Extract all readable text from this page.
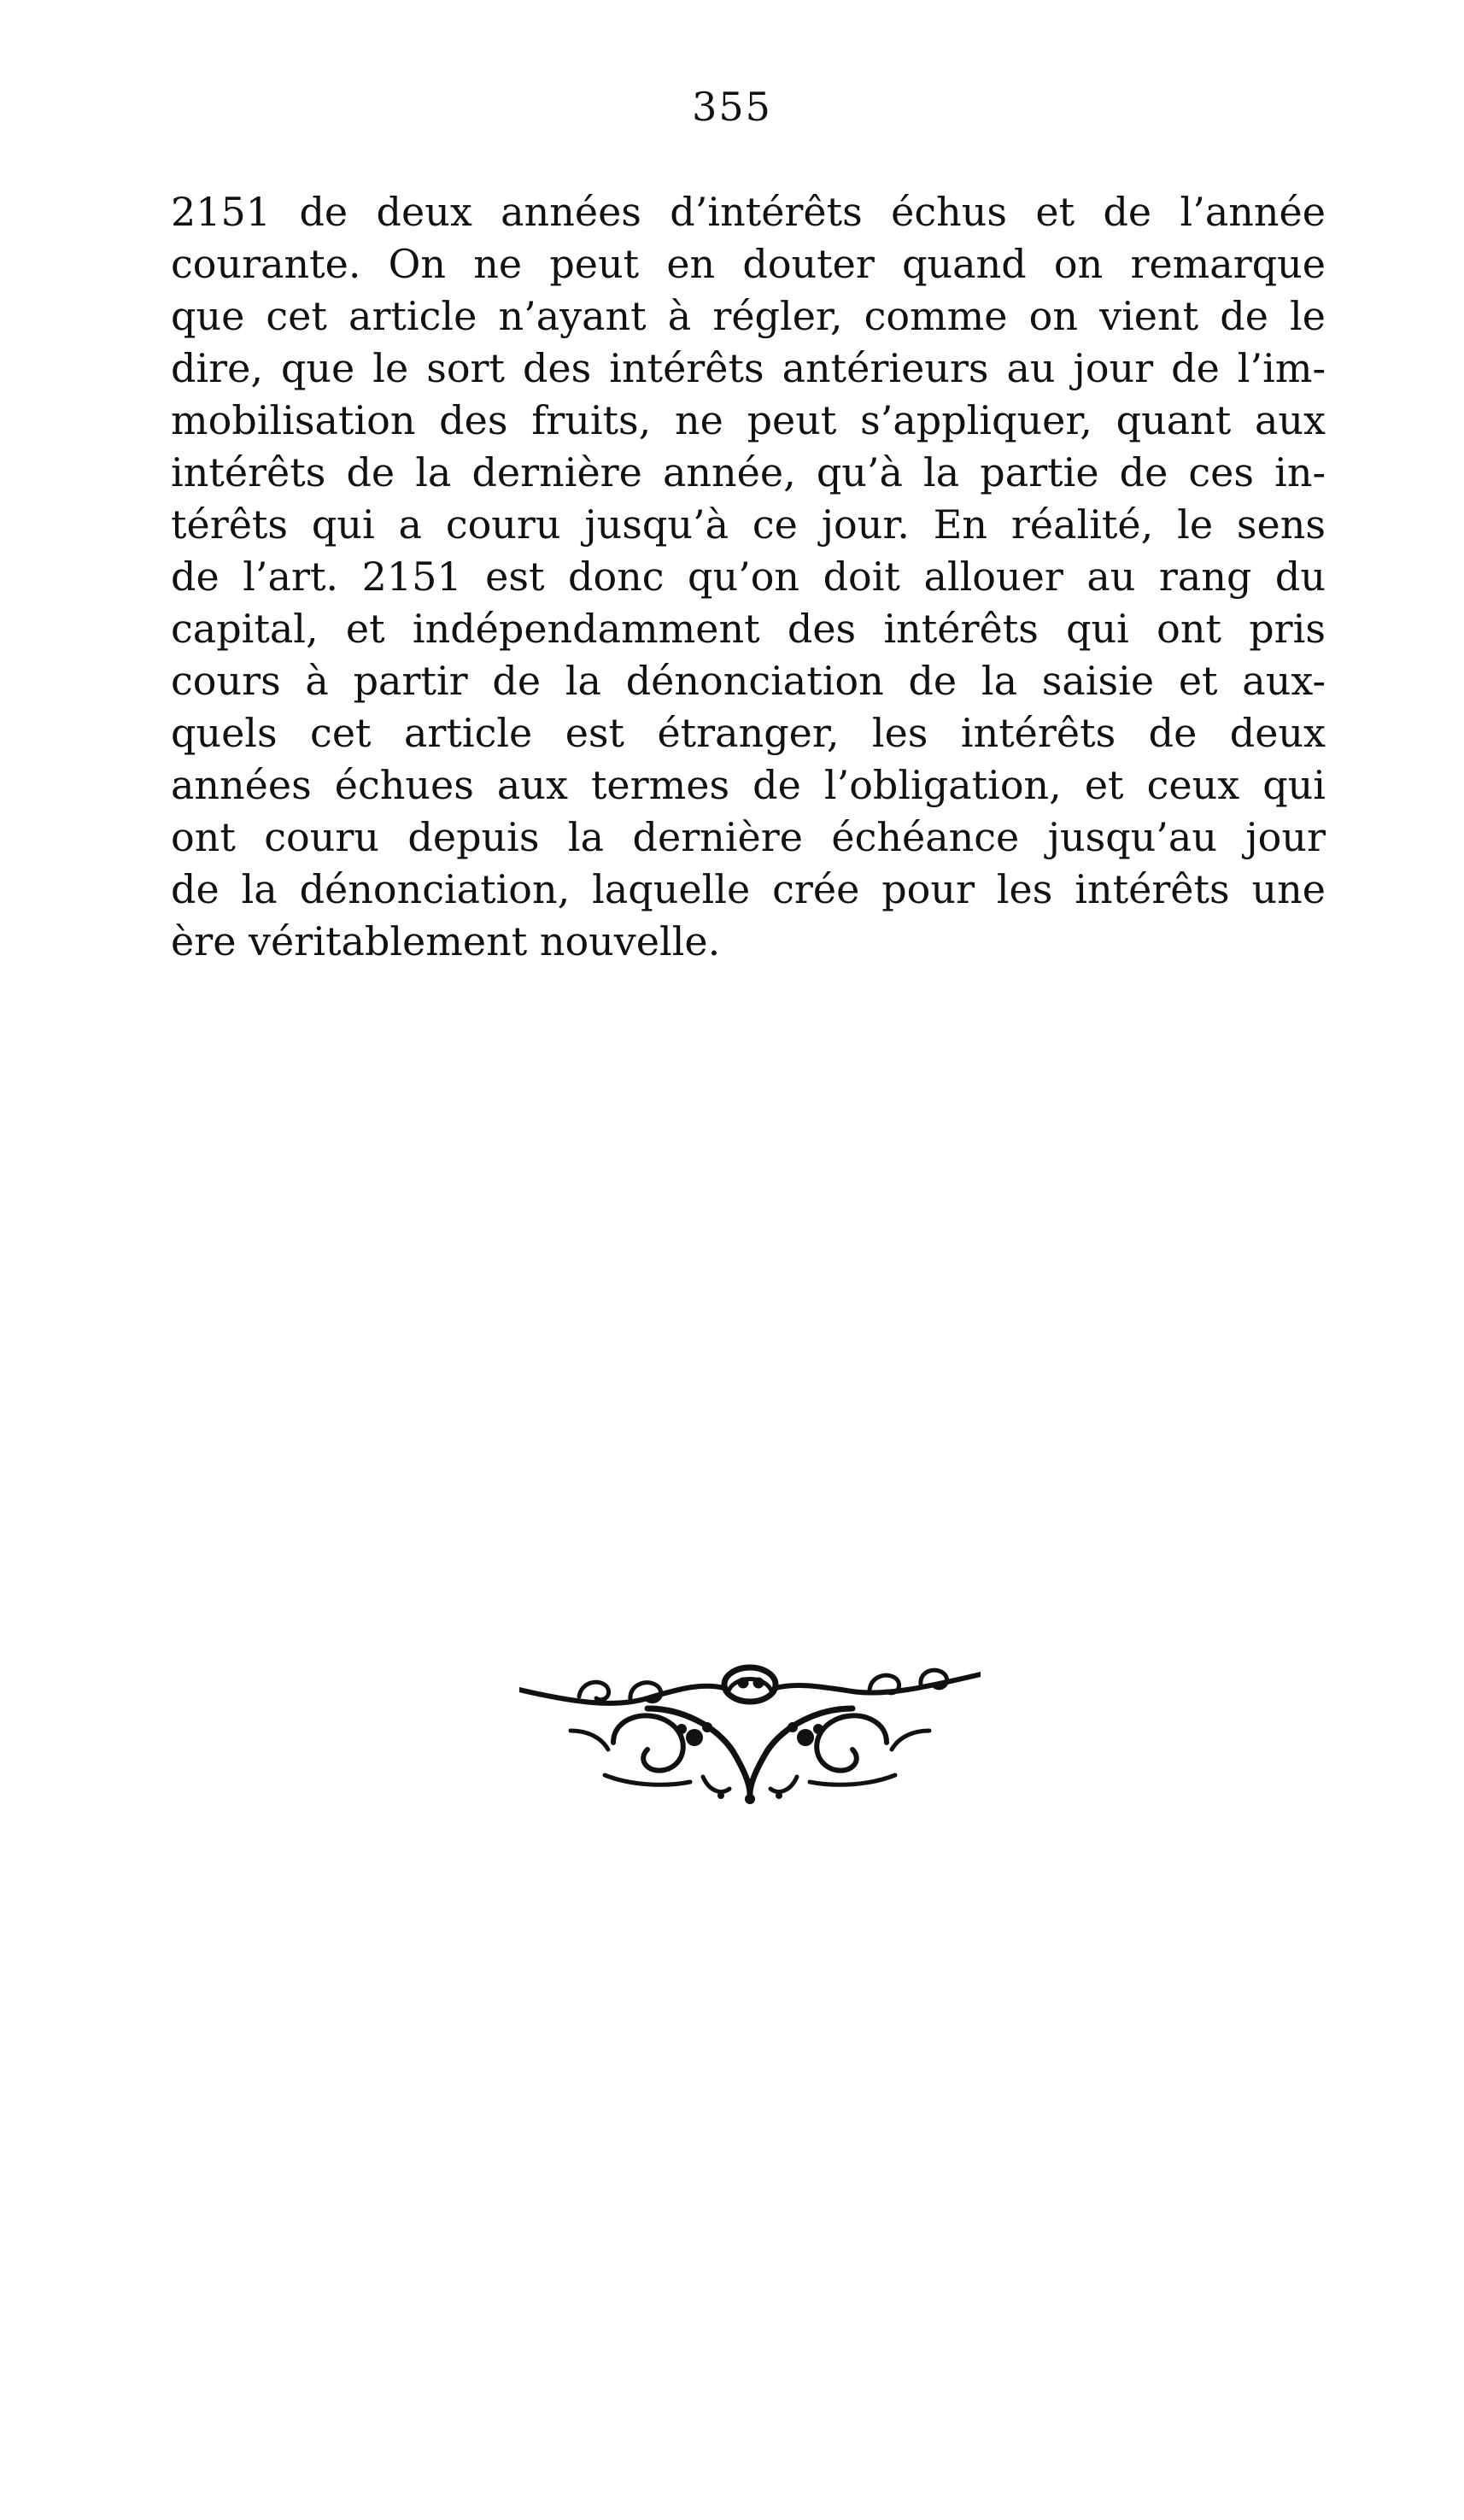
355
2151 de deux années d’intérêts échus et de l’année
courante. On ne peut en douter quand on remarque
que cet article n’ayant à régler, comme on vient de le
dire, que le sort des intérêts antérieurs au jour de l’im-
mobilisation des fruits, ne peut s’appliquer, quant aux
intérêts de la dernière année, qu’à la partie de ces in-
térêts qui a couru jusqu’à ce jour. En réalité, le sens
de l’art. 2151 est donc qu’on doit allouer au rang du
capital, et indépendamment des intérêts qui ont pris
cours à partir de la dénonciation de la saisie et aux-
quels cet article est étranger, les intérêts de deux
années échues aux termes de l’obligation, et ceux qui
ont couru depuis la dernière échéance jusqu’au jour
de la dénonciation, laquelle crée pour les intérêts une
ère véritablement nouvelle.
